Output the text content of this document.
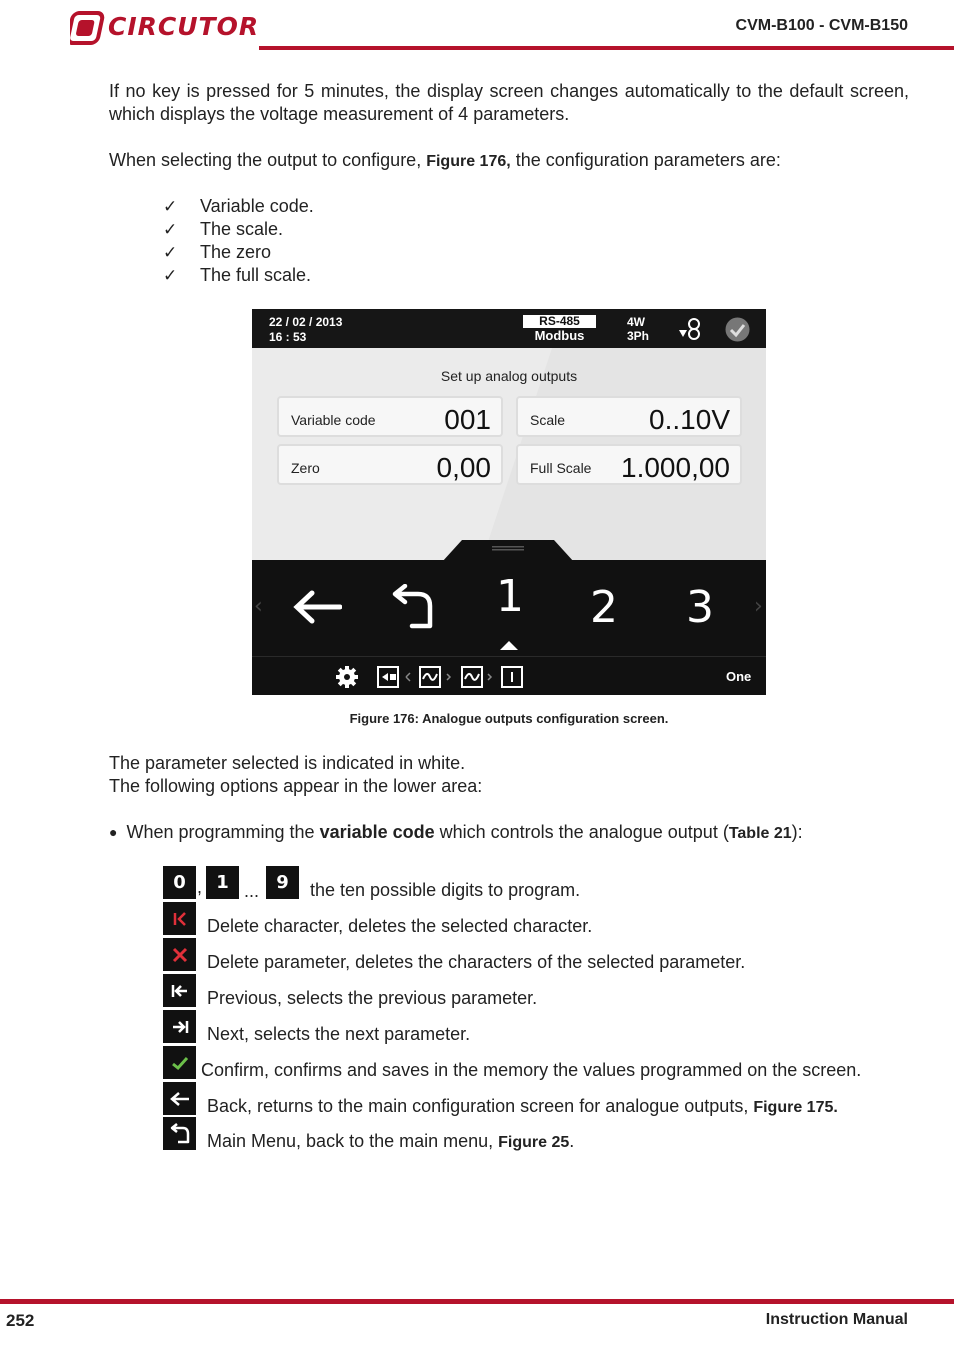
CIRCUTOR	CVM-B100 - CVM-B150
If no key is pressed for 5 minutes, the display screen changes automatically to the default screen, which displays the voltage measurement of 4 parameters.
When selecting the output to configure, Figure 176, the configuration parameters are:
✓ Variable code.
✓ The scale.
✓ The zero
✓ The full scale.
22 / 02 / 2013
16 : 53
RS-485
Modbus
4W
3Ph
Set up analog outputs
Variable code 001	Scale	0..10V
Zero	0,00	Full Scale 1.000,00
‹	›
1 2 3
One
Figure 176: Analogue outputs configuration screen.
The parameter selected is indicated in white.
The following options appear in the lower area:
● When programming the variable code which controls the analogue output (Table 21):
0 , 1 ... 9	the ten possible digits to program.
Delete character, deletes the selected character.
Delete parameter, deletes the characters of the selected parameter.
Previous, selects the previous parameter.
Next, selects the next parameter.
Confirm, confirms and saves in the memory the values programmed on the screen.
Back, returns to the main configuration screen for analogue outputs, Figure 175.
Main Menu, back to the main menu, Figure 25.
252	Instruction Manual
